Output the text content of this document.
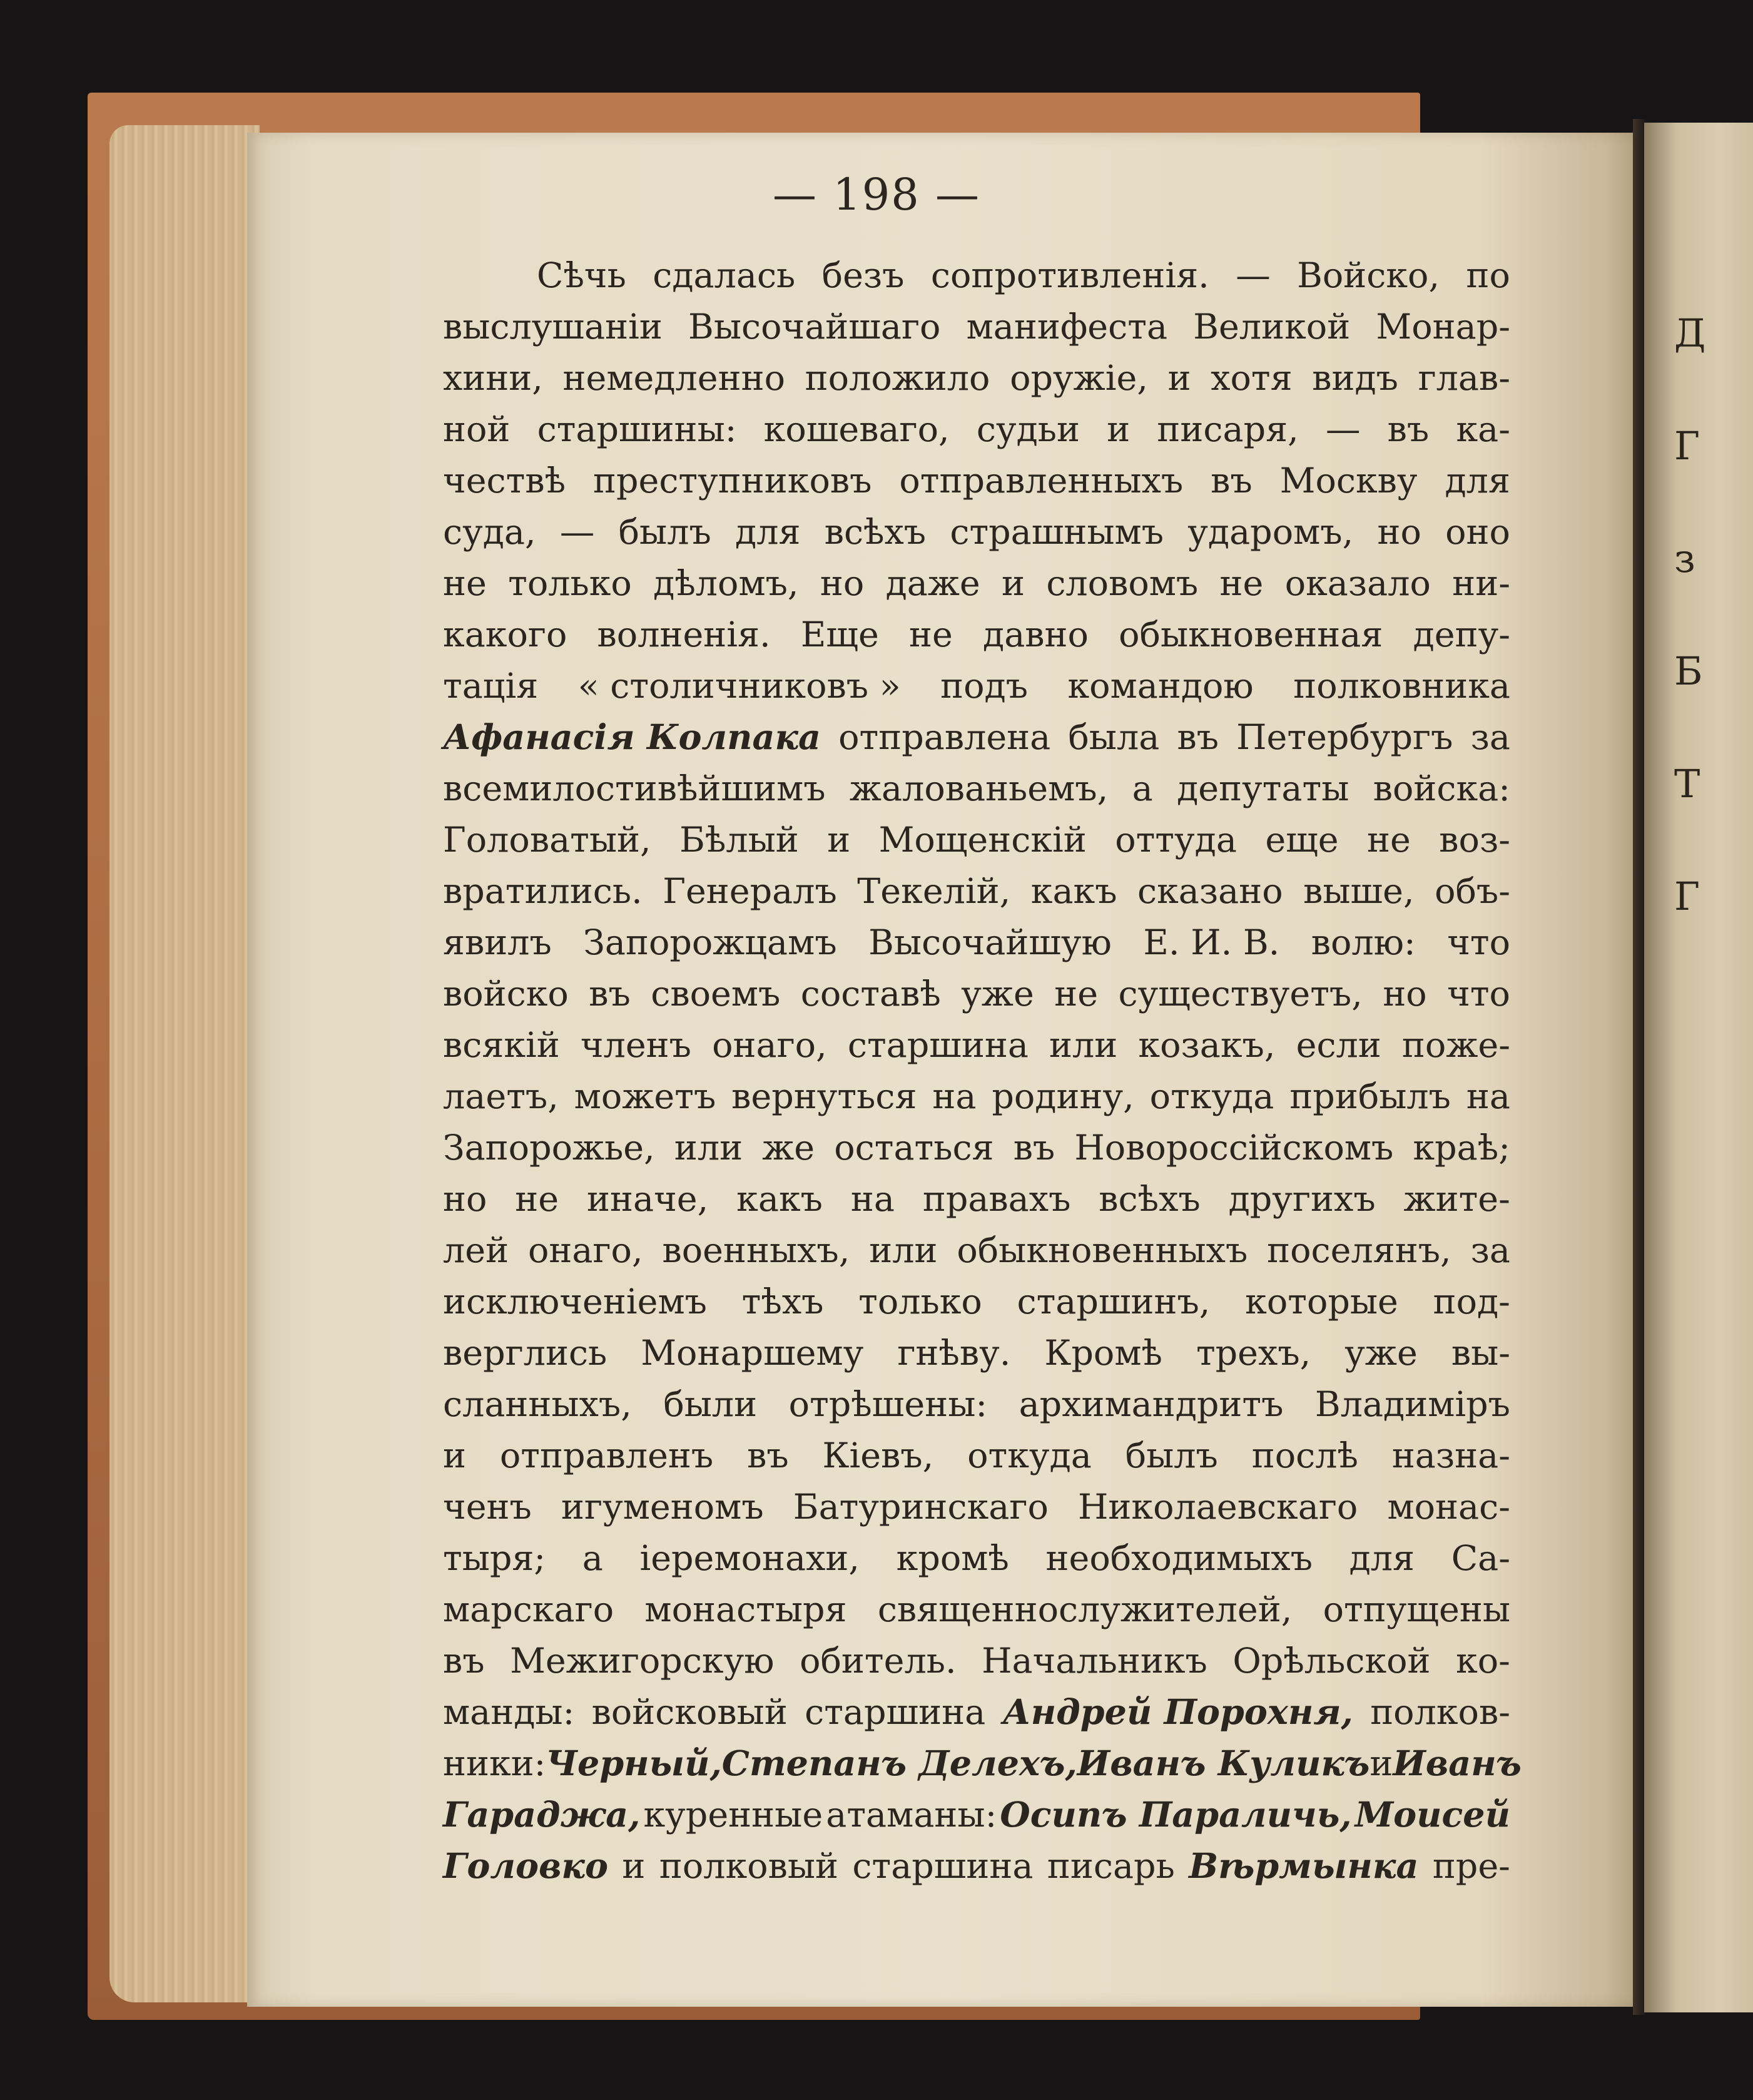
Д
Г
з
Б
Т
Г
— 198 —
Сѣчь сдалась безъ сопротивленія. — Войско, по
выслушаніи Высочайшаго манифеста Великой Монар-
хини, немедленно положило оружіе, и хотя видъ глав-
ной старшины: кошеваго, судьи и писаря, — въ ка-
чествѣ преступниковъ отправленныхъ въ Москву для
суда, — былъ для всѣхъ страшнымъ ударомъ, но оно
не только дѣломъ, но даже и словомъ не оказало ни-
какого волненія. Еще не давно обыкновенная депу-
тація « столичниковъ » подъ командою полковника
Афанасія Колпака отправлена была въ Петербургъ за
всемилостивѣйшимъ жалованьемъ, а депутаты войска:
Головатый, Бѣлый и Мощенскій оттуда еще не воз-
вратились. Генералъ Текелій, какъ сказано выше, объ-
явилъ Запорожцамъ Высочайшую Е. И. В. волю: что
войско въ своемъ составѣ уже не существуетъ, но что
всякій членъ онаго, старшина или козакъ, если поже-
лаетъ, можетъ вернуться на родину, откуда прибылъ на
Запорожье, или же остаться въ Новороссійскомъ краѣ;
но не иначе, какъ на правахъ всѣхъ другихъ жите-
лей онаго, военныхъ, или обыкновенныхъ поселянъ, за
исключеніемъ тѣхъ только старшинъ, которые под-
верглись Монаршему гнѣву. Кромѣ трехъ, уже вы-
сланныхъ, были отрѣшены: архимандритъ Владиміръ
и отправленъ въ Кіевъ, откуда былъ послѣ назна-
ченъ игуменомъ Батуринскаго Николаевскаго монас-
тыря; а іеремонахи, кромѣ необходимыхъ для Са-
марскаго монастыря священнослужителей, отпущены
въ Межигорскую обитель. Начальникъ Орѣльской ко-
манды: войсковый старшина Андрей Порохня, полков-
ники: Черный, Степанъ Делехъ, Иванъ Куликъ и Иванъ
Гараджа, куренные атаманы: Осипъ Параличь, Моисей
Головко и полковый старшина писарь Вѣрмынка пре-
